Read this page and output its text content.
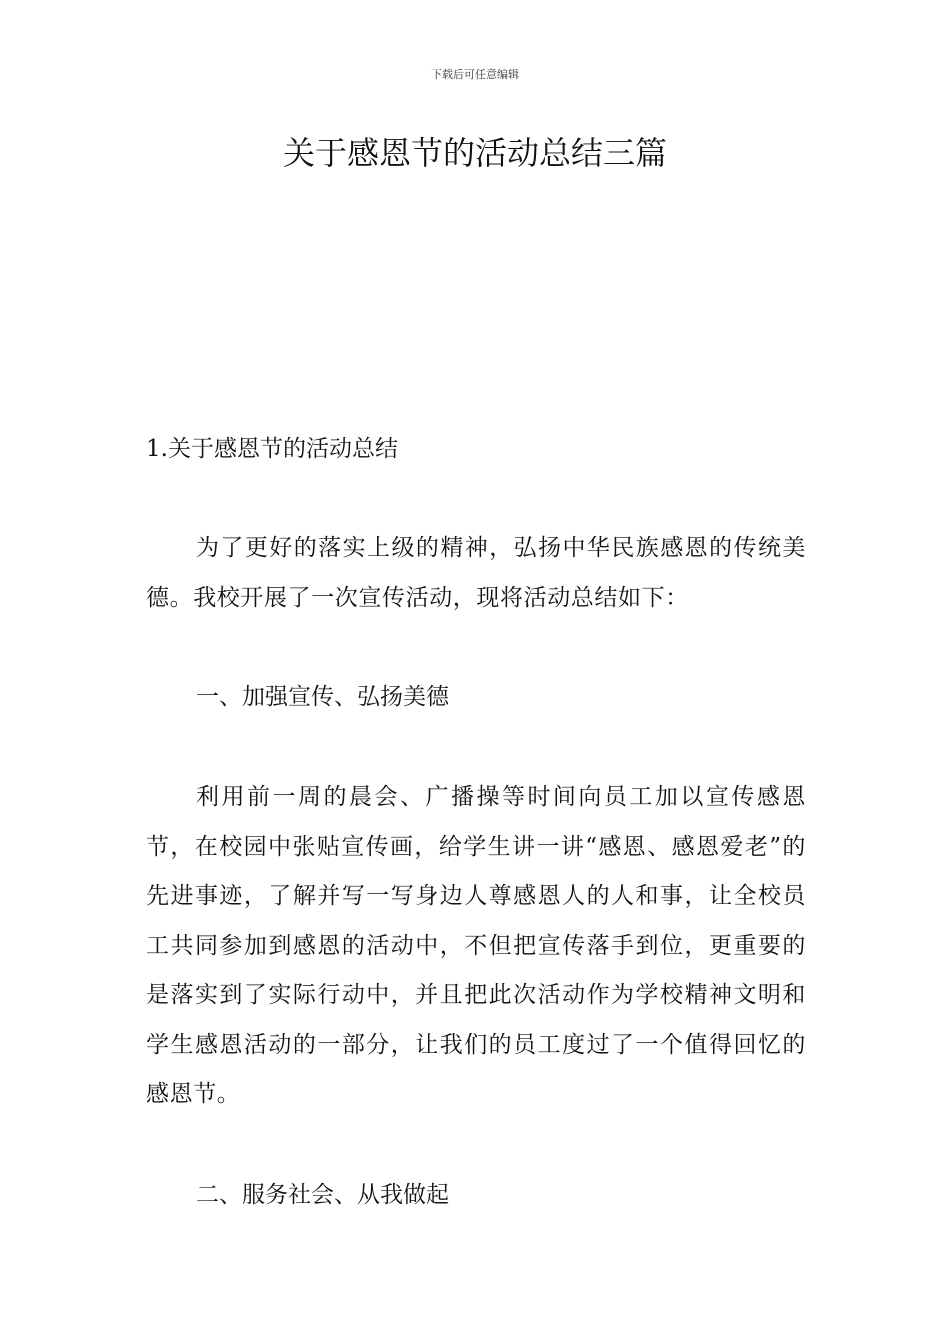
下载后可任意编辑
关于感恩节的活动总结三篇

1.关于感恩节的活动总结

为了更好的落实上级的精神，弘扬中华民族感恩的传统美德。我校开展了一次宣传活动，现将活动总结如下：

一、加强宣传、弘扬美德

利用前一周的晨会、广播操等时间向员工加以宣传感恩节，在校园中张贴宣传画，给学生讲一讲“感恩、感恩爱老”的先进事迹，了解并写一写身边人尊感恩人的人和事，让全校员工共同参加到感恩的活动中，不但把宣传落手到位，更重要的是落实到了实际行动中，并且把此次活动作为学校精神文明和学生感恩活动的一部分，让我们的员工度过了一个值得回忆的感恩节。

二、服务社会、从我做起
